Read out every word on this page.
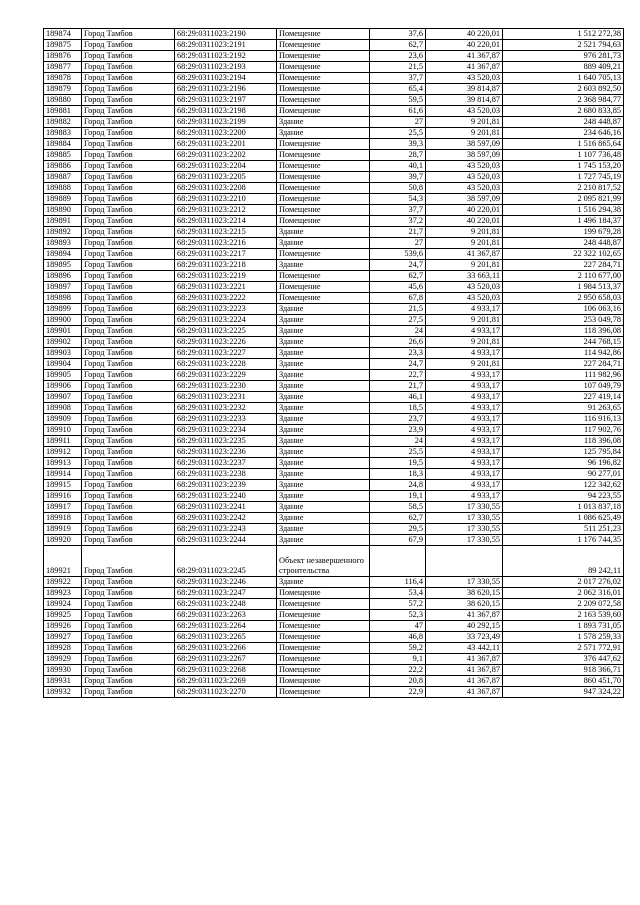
189874	Город Тамбов	68:29:0311023:2190	Помещение	37,6	40 220,01	1 512 272,38
189875	Город Тамбов	68:29:0311023:2191	Помещение	62,7	40 220,01	2 521 794,63
189876	Город Тамбов	68:29:0311023:2192	Помещение	23,6	41 367,87	976 281,73
189877	Город Тамбов	68:29:0311023:2193	Помещение	21,5	41 367,87	889 409,21
189878	Город Тамбов	68:29:0311023:2194	Помещение	37,7	43 520,03	1 640 705,13
189879	Город Тамбов	68:29:0311023:2196	Помещение	65,4	39 814,87	2 603 892,50
189880	Город Тамбов	68:29:0311023:2197	Помещение	59,5	39 814,87	2 368 984,77
189881	Город Тамбов	68:29:0311023:2198	Помещение	61,6	43 520,03	2 680 833,85
189882	Город Тамбов	68:29:0311023:2199	Здание	27	9 201,81	248 448,87
189883	Город Тамбов	68:29:0311023:2200	Здание	25,5	9 201,81	234 646,16
189884	Город Тамбов	68:29:0311023:2201	Помещение	39,3	38 597,09	1 516 865,64
189885	Город Тамбов	68:29:0311023:2202	Помещение	28,7	38 597,09	1 107 736,48
189886	Город Тамбов	68:29:0311023:2204	Помещение	40,1	43 520,03	1 745 153,20
189887	Город Тамбов	68:29:0311023:2205	Помещение	39,7	43 520,03	1 727 745,19
189888	Город Тамбов	68:29:0311023:2208	Помещение	50,8	43 520,03	2 210 817,52
189889	Город Тамбов	68:29:0311023:2210	Помещение	54,3	38 597,09	2 095 821,99
189890	Город Тамбов	68:29:0311023:2212	Помещение	37,7	40 220,01	1 516 294,38
189891	Город Тамбов	68:29:0311023:2214	Помещение	37,2	40 220,01	1 496 184,37
189892	Город Тамбов	68:29:0311023:2215	Здание	21,7	9 201,81	199 679,28
189893	Город Тамбов	68:29:0311023:2216	Здание	27	9 201,81	248 448,87
189894	Город Тамбов	68:29:0311023:2217	Помещение	539,6	41 367,87	22 322 102,65
189895	Город Тамбов	68:29:0311023:2218	Здание	24,7	9 201,81	227 284,71
189896	Город Тамбов	68:29:0311023:2219	Помещение	62,7	33 663,11	2 110 677,00
189897	Город Тамбов	68:29:0311023:2221	Помещение	45,6	43 520,03	1 984 513,37
189898	Город Тамбов	68:29:0311023:2222	Помещение	67,8	43 520,03	2 950 658,03
189899	Город Тамбов	68:29:0311023:2223	Здание	21,5	4 933,17	106 063,16
189900	Город Тамбов	68:29:0311023:2224	Здание	27,5	9 201,81	253 049,78
189901	Город Тамбов	68:29:0311023:2225	Здание	24	4 933,17	118 396,08
189902	Город Тамбов	68:29:0311023:2226	Здание	26,6	9 201,81	244 768,15
189903	Город Тамбов	68:29:0311023:2227	Здание	23,3	4 933,17	114 942,86
189904	Город Тамбов	68:29:0311023:2228	Здание	24,7	9 201,81	227 284,71
189905	Город Тамбов	68:29:0311023:2229	Здание	22,7	4 933,17	111 982,96
189906	Город Тамбов	68:29:0311023:2230	Здание	21,7	4 933,17	107 049,79
189907	Город Тамбов	68:29:0311023:2231	Здание	46,1	4 933,17	227 419,14
189908	Город Тамбов	68:29:0311023:2232	Здание	18,5	4 933,17	91 263,65
189909	Город Тамбов	68:29:0311023:2233	Здание	23,7	4 933,17	116 916,13
189910	Город Тамбов	68:29:0311023:2234	Здание	23,9	4 933,17	117 902,76
189911	Город Тамбов	68:29:0311023:2235	Здание	24	4 933,17	118 396,08
189912	Город Тамбов	68:29:0311023:2236	Здание	25,5	4 933,17	125 795,84
189913	Город Тамбов	68:29:0311023:2237	Здание	19,5	4 933,17	96 196,82
189914	Город Тамбов	68:29:0311023:2238	Здание	18,3	4 933,17	90 277,01
189915	Город Тамбов	68:29:0311023:2239	Здание	24,8	4 933,17	122 342,62
189916	Город Тамбов	68:29:0311023:2240	Здание	19,1	4 933,17	94 223,55
189917	Город Тамбов	68:29:0311023:2241	Здание	58,5	17 330,55	1 013 837,18
189918	Город Тамбов	68:29:0311023:2242	Здание	62,7	17 330,55	1 086 625,49
189919	Город Тамбов	68:29:0311023:2243	Здание	29,5	17 330,55	511 251,23
189920	Город Тамбов	68:29:0311023:2244	Здание	67,9	17 330,55	1 176 744,35
189921	Город Тамбов	68:29:0311023:2245	Объект незавершенного строительства			89 242,11
189922	Город Тамбов	68:29:0311023:2246	Здание	116,4	17 330,55	2 017 276,02
189923	Город Тамбов	68:29:0311023:2247	Помещение	53,4	38 620,15	2 062 316,01
189924	Город Тамбов	68:29:0311023:2248	Помещение	57,2	38 620,15	2 209 072,58
189925	Город Тамбов	68:29:0311023:2263	Помещение	52,3	41 367,87	2 163 539,60
189926	Город Тамбов	68:29:0311023:2264	Помещение	47	40 292,15	1 893 731,05
189927	Город Тамбов	68:29:0311023:2265	Помещение	46,8	33 723,49	1 578 259,33
189928	Город Тамбов	68:29:0311023:2266	Помещение	59,2	43 442,11	2 571 772,91
189929	Город Тамбов	68:29:0311023:2267	Помещение	9,1	41 367,87	376 447,62
189930	Город Тамбов	68:29:0311023:2268	Помещение	22,2	41 367,87	918 366,71
189931	Город Тамбов	68:29:0311023:2269	Помещение	20,8	41 367,87	860 451,70
189932	Город Тамбов	68:29:0311023:2270	Помещение	22,9	41 367,87	947 324,22
